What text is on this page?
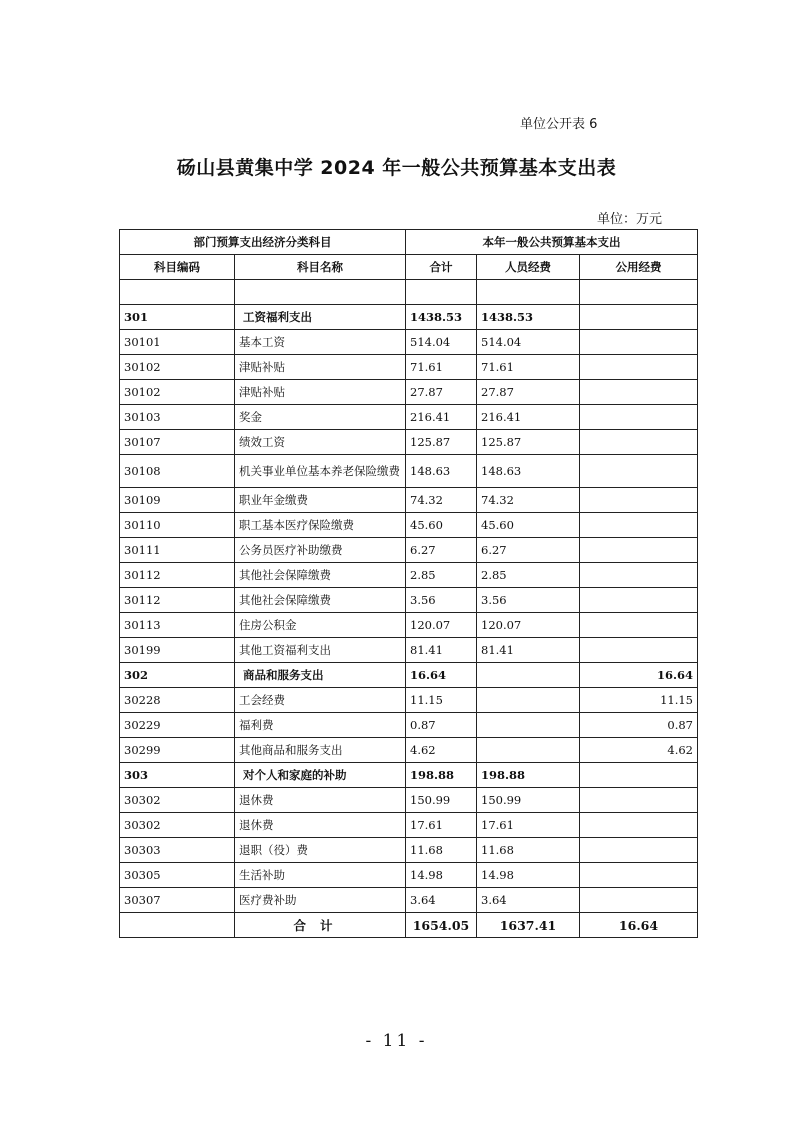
单位公开表 6
砀山县黄集中学 2024 年一般公共预算基本支出表
单位：万元
部门预算支出经济分类科目		本年一般公共预算基本支出		
科目编码	科目名称	合计	人员经费	公用经费

301	工资福利支出	1438.53	1438.53	
30101	基本工资	514.04	514.04	
30102	津贴补贴	71.61	71.61	
30102	津贴补贴	27.87	27.87	
30103	奖金	216.41	216.41	
30107	绩效工资	125.87	125.87	
30108	机关事业单位基本养老保险缴费	148.63	148.63	
30109	职业年金缴费	74.32	74.32	
30110	职工基本医疗保险缴费	45.60	45.60	
30111	公务员医疗补助缴费	6.27	6.27	
30112	其他社会保障缴费	2.85	2.85	
30112	其他社会保障缴费	3.56	3.56	
30113	住房公积金	120.07	120.07	
30199	其他工资福利支出	81.41	81.41	
302	商品和服务支出	16.64		16.64
30228	工会经费	11.15		11.15
30229	福利费	0.87		0.87
30299	其他商品和服务支出	4.62		4.62
303	对个人和家庭的补助	198.88	198.88	
30302	退休费	150.99	150.99	
30302	退休费	17.61	17.61	
30303	退职（役）费	11.68	11.68	
30305	生活补助	14.98	14.98	
30307	医疗费补助	3.64	3.64	
	合计	1654.05	1637.41	16.64
- 11 -
